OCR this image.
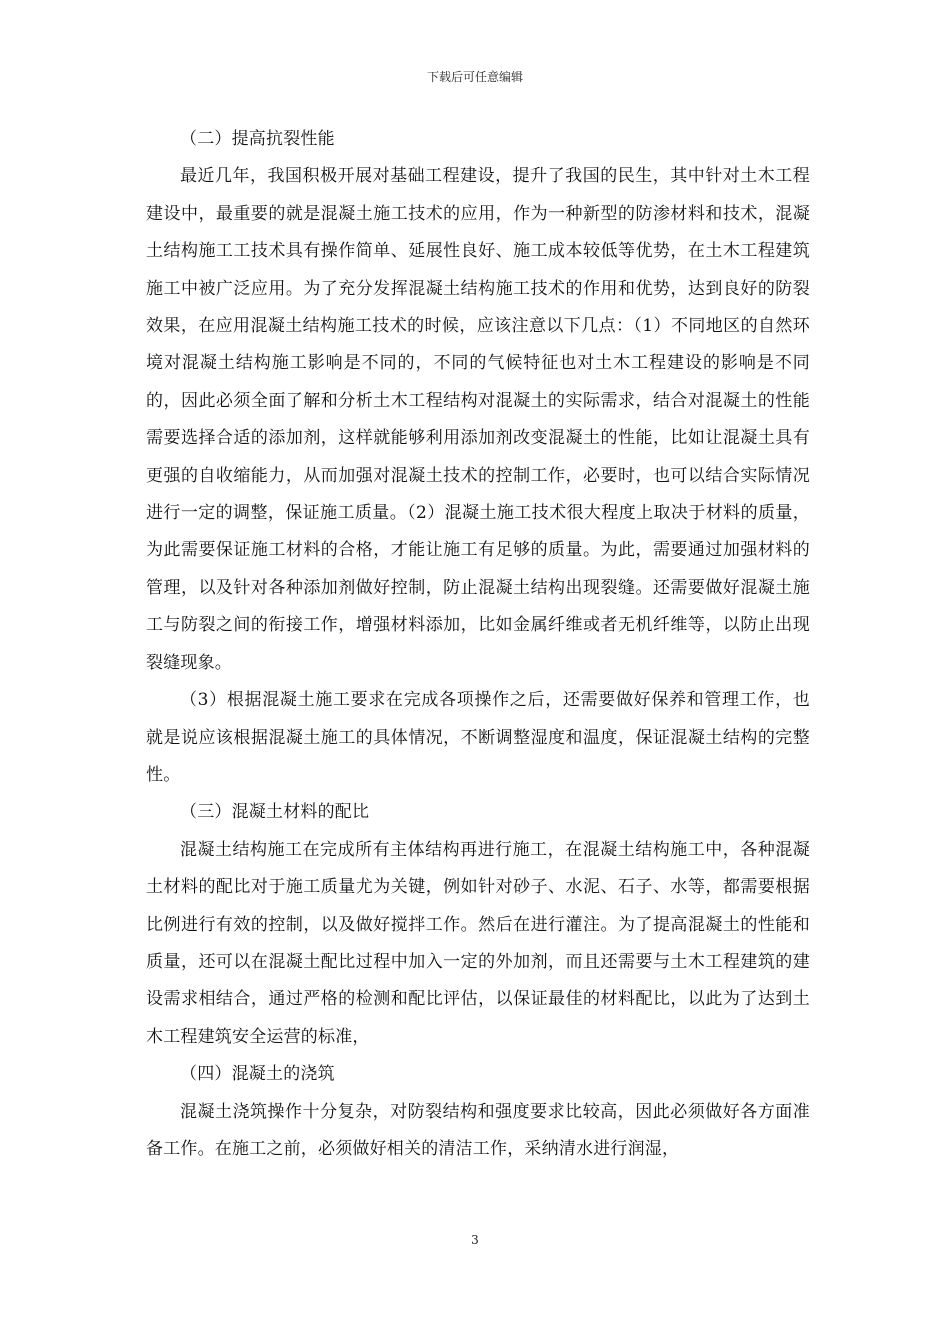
下载后可任意编辑

（二）提高抗裂性能

最近几年，我国积极开展对基础工程建设，提升了我国的民生，其中针对土木工程建设中，最重要的就是混凝土施工技术的应用，作为一种新型的防渗材料和技术，混凝土结构施工工技术具有操作简单、延展性良好、施工成本较低等优势，在土木工程建筑施工中被广泛应用。为了充分发挥混凝土结构施工技术的作用和优势，达到良好的防裂效果，在应用混凝土结构施工技术的时候，应该注意以下几点：（1）不同地区的自然环境对混凝土结构施工影响是不同的，不同的气候特征也对土木工程建设的影响是不同的，因此必须全面了解和分析土木工程结构对混凝土的实际需求，结合对混凝土的性能需要选择合适的添加剂，这样就能够利用添加剂改变混凝土的性能，比如让混凝土具有更强的自收缩能力，从而加强对混凝土技术的控制工作，必要时，也可以结合实际情况进行一定的调整，保证施工质量。（2）混凝土施工技术很大程度上取决于材料的质量，为此需要保证施工材料的合格，才能让施工有足够的质量。为此，需要通过加强材料的管理，以及针对各种添加剂做好控制，防止混凝土结构出现裂缝。还需要做好混凝土施工与防裂之间的衔接工作，增强材料添加，比如金属纤维或者无机纤维等，以防止出现裂缝现象。

（3）根据混凝土施工要求在完成各项操作之后，还需要做好保养和管理工作，也就是说应该根据混凝土施工的具体情况，不断调整湿度和温度，保证混凝土结构的完整性。

（三）混凝土材料的配比

混凝土结构施工在完成所有主体结构再进行施工，在混凝土结构施工中，各种混凝土材料的配比对于施工质量尤为关键，例如针对砂子、水泥、石子、水等，都需要根据比例进行有效的控制，以及做好搅拌工作。然后在进行灌注。为了提高混凝土的性能和质量，还可以在混凝土配比过程中加入一定的外加剂，而且还需要与土木工程建筑的建设需求相结合，通过严格的检测和配比评估，以保证最佳的材料配比，以此为了达到土木工程建筑安全运营的标准，

（四）混凝土的浇筑

混凝土浇筑操作十分复杂，对防裂结构和强度要求比较高，因此必须做好各方面准备工作。在施工之前，必须做好相关的清洁工作，采纳清水进行润湿，

3
